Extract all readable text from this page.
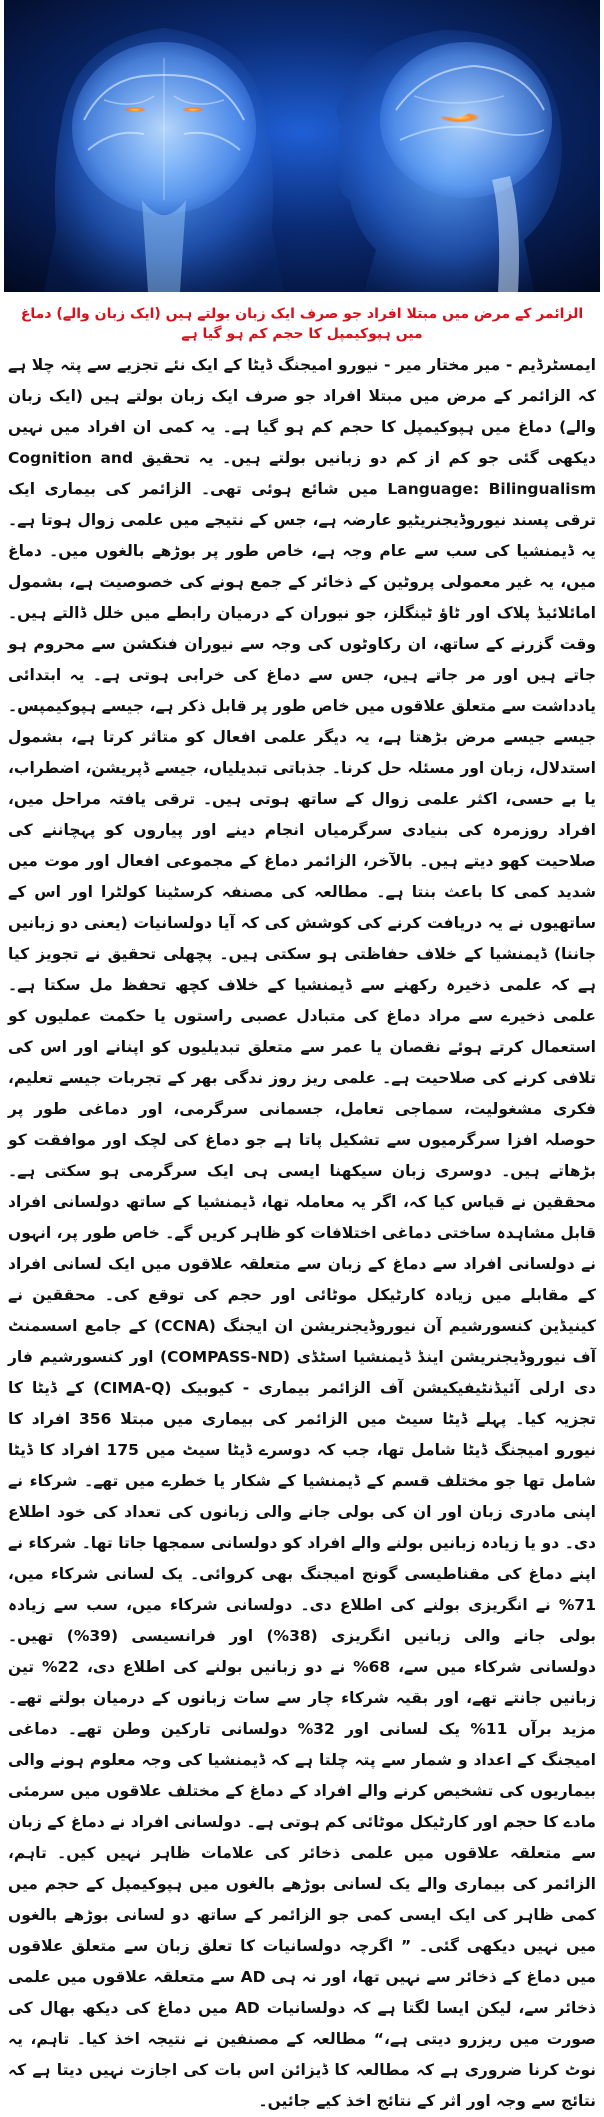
الزائمر کے مرض میں مبتلا افراد جو صرف ایک زبان بولتے ہیں (ایک زبان والے) دماغ میں ہپوکیمپل کا حجم کم ہو گیا ہے

ایمسٹرڈیم - میر مختار میر - نیورو امیجنگ ڈیٹا کے ایک نئے تجزیے سے پتہ چلا ہے کہ الزائمر کے مرض میں مبتلا افراد جو صرف ایک زبان بولتے ہیں (ایک زبان والے) دماغ میں ہپوکیمپل کا حجم کم ہو گیا ہے۔ یہ کمی ان افراد میں نہیں دیکھی گئی جو کم از کم دو زبانیں بولتے ہیں۔ یہ تحقیق Cognition and Language: Bilingualism میں شائع ہوئی تھی۔ الزائمر کی بیماری ایک ترقی پسند نیوروڈیجنریٹیو عارضہ ہے، جس کے نتیجے میں علمی زوال ہوتا ہے۔ یہ ڈیمنشیا کی سب سے عام وجہ ہے، خاص طور پر بوڑھے بالغوں میں۔ دماغ میں، یہ غیر معمولی پروٹین کے ذخائر کے جمع ہونے کی خصوصیت ہے، بشمول امائلائیڈ پلاک اور ٹاؤ ٹینگلز، جو نیوران کے درمیان رابطے میں خلل ڈالتے ہیں۔ وقت گزرنے کے ساتھ، ان رکاوٹوں کی وجہ سے نیوران فنکشن سے محروم ہو جاتے ہیں اور مر جاتے ہیں، جس سے دماغ کی خرابی ہوتی ہے۔ یہ ابتدائی یادداشت سے متعلق علاقوں میں خاص طور پر قابل ذکر ہے، جیسے ہپوکیمپس۔ جیسے جیسے مرض بڑھتا ہے، یہ دیگر علمی افعال کو متاثر کرتا ہے، بشمول استدلال، زبان اور مسئلہ حل کرنا۔ جذباتی تبدیلیاں، جیسے ڈپریشن، اضطراب، یا بے حسی، اکثر علمی زوال کے ساتھ ہوتی ہیں۔ ترقی یافتہ مراحل میں، افراد روزمرہ کی بنیادی سرگرمیاں انجام دینے اور پیاروں کو پہچاننے کی صلاحیت کھو دیتے ہیں۔ بالآخر، الزائمر دماغ کے مجموعی افعال اور موت میں شدید کمی کا باعث بنتا ہے۔ مطالعہ کی مصنفہ کرسٹینا کولٹرا اور اس کے ساتھیوں نے یہ دریافت کرنے کی کوشش کی کہ آیا دولسانیات (یعنی دو زبانیں جاننا) ڈیمنشیا کے خلاف حفاظتی ہو سکتی ہیں۔ پچھلی تحقیق نے تجویز کیا ہے کہ علمی ذخیرہ رکھنے سے ڈیمنشیا کے خلاف کچھ تحفظ مل سکتا ہے۔ علمی ذخیرے سے مراد دماغ کی متبادل عصبی راستوں یا حکمت عملیوں کو استعمال کرتے ہوئے نقصان یا عمر سے متعلق تبدیلیوں کو اپنانے اور اس کی تلافی کرنے کی صلاحیت ہے۔ علمی ریز روز ندگی بھر کے تجربات جیسے تعلیم، فکری مشغولیت، سماجی تعامل، جسمانی سرگرمی، اور دماغی طور پر حوصلہ افزا سرگرمیوں سے تشکیل پاتا ہے جو دماغ کی لچک اور موافقت کو بڑھاتے ہیں۔ دوسری زبان سیکھنا ایسی ہی ایک سرگرمی ہو سکتی ہے۔ محققین نے قیاس کیا کہ، اگر یہ معاملہ تھا، ڈیمنشیا کے ساتھ دولسانی افراد قابل مشاہدہ ساختی دماغی اختلافات کو ظاہر کریں گے۔ خاص طور پر، انہوں نے دولسانی افراد سے دماغ کے زبان سے متعلقہ علاقوں میں ایک لسانی افراد کے مقابلے میں زیادہ کارٹیکل موٹائی اور حجم کی توقع کی۔ محققین نے کینیڈین کنسورشیم آن نیوروڈیجنریشن ان ایجنگ (CCNA) کے جامع اسسمنٹ آف نیوروڈیجنریشن اینڈ ڈیمنشیا اسٹڈی (COMPASS-ND) اور کنسورشیم فار دی ارلی آئیڈنٹیفیکیشن آف الزائمر بیماری - کیوبیک (CIMA-Q) کے ڈیٹا کا تجزیہ کیا۔ پہلے ڈیٹا سیٹ میں الزائمر کی بیماری میں مبتلا 356 افراد کا نیورو امیجنگ ڈیٹا شامل تھا، جب کہ دوسرے ڈیٹا سیٹ میں 175 افراد کا ڈیٹا شامل تھا جو مختلف قسم کے ڈیمنشیا کے شکار یا خطرے میں تھے۔ شرکاء نے اپنی مادری زبان اور ان کی بولی جانے والی زبانوں کی تعداد کی خود اطلاع دی۔ دو یا زیادہ زبانیں بولنے والے افراد کو دولسانی سمجھا جاتا تھا۔ شرکاء نے اپنے دماغ کی مقناطیسی گونج امیجنگ بھی کروائی۔ یک لسانی شرکاء میں، 71% نے انگریزی بولنے کی اطلاع دی۔ دولسانی شرکاء میں، سب سے زیادہ بولی جانے والی زبانیں انگریزی (38%) اور فرانسیسی (39%) تھیں۔ دولسانی شرکاء میں سے، 68% نے دو زبانیں بولنے کی اطلاع دی، 22% تین زبانیں جانتے تھے، اور بقیہ شرکاء چار سے سات زبانوں کے درمیان بولتے تھے۔ مزید برآں 11% یک لسانی اور 32% دولسانی تارکین وطن تھے۔ دماغی امیجنگ کے اعداد و شمار سے پتہ چلتا ہے کہ ڈیمنشیا کی وجہ معلوم ہونے والی بیماریوں کی تشخیص کرنے والے افراد کے دماغ کے مختلف علاقوں میں سرمئی مادے کا حجم اور کارٹیکل موٹائی کم ہوتی ہے۔ دولسانی افراد نے دماغ کے زبان سے متعلقہ علاقوں میں علمی ذخائر کی علامات ظاہر نہیں کیں۔ تاہم، الزائمر کی بیماری والے یک لسانی بوڑھے بالغوں میں ہپوکیمپل کے حجم میں کمی ظاہر کی ایک ایسی کمی جو الزائمر کے ساتھ دو لسانی بوڑھے بالغوں میں نہیں دیکھی گئی۔ ” اگرچہ دولسانیات کا تعلق زبان سے متعلق علاقوں میں دماغ کے ذخائر سے نہیں تھا، اور نہ ہی AD سے متعلقہ علاقوں میں علمی ذخائر سے، لیکن ایسا لگتا ہے کہ دولسانیات AD میں دماغ کی دیکھ بھال کی صورت میں ریزرو دیتی ہے،“ مطالعہ کے مصنفین نے نتیجہ اخذ کیا۔ تاہم، یہ نوٹ کرنا ضروری ہے کہ مطالعہ کا ڈیزائن اس بات کی اجازت نہیں دیتا ہے کہ نتائج سے وجہ اور اثر کے نتائج اخذ کیے جائیں۔
